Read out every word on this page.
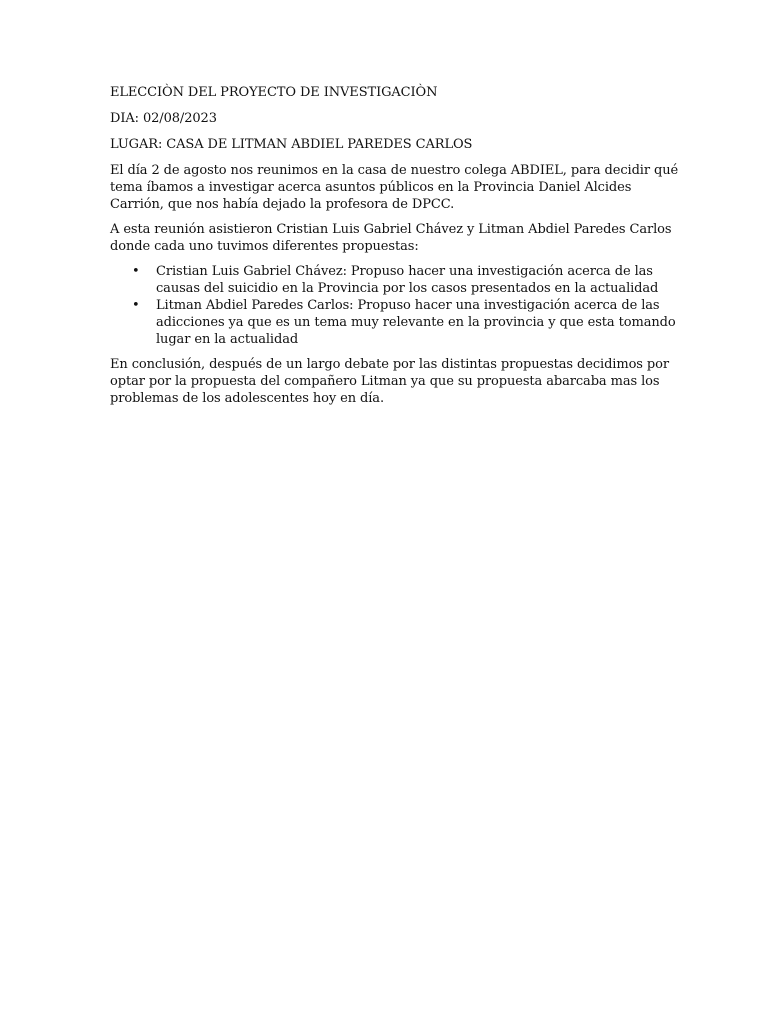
ELECCIÒN DEL PROYECTO DE INVESTIGACIÒN
DIA: 02/08/2023
LUGAR: CASA DE LITMAN ABDIEL PAREDES CARLOS
El día 2 de agosto nos reunimos en la casa de nuestro colega ABDIEL, para decidir qué
tema íbamos a investigar acerca asuntos públicos en la Provincia Daniel Alcides
Carrión, que nos había dejado la profesora de DPCC.
A esta reunión asistieron Cristian Luis Gabriel Chávez y Litman Abdiel Paredes Carlos
donde cada uno tuvimos diferentes propuestas:
• Cristian Luis Gabriel Chávez: Propuso hacer una investigación acerca de las
causas del suicidio en la Provincia por los casos presentados en la actualidad
• Litman Abdiel Paredes Carlos: Propuso hacer una investigación acerca de las
adicciones ya que es un tema muy relevante en la provincia y que esta tomando
lugar en la actualidad
En conclusión, después de un largo debate por las distintas propuestas decidimos por
optar por la propuesta del compañero Litman ya que su propuesta abarcaba mas los
problemas de los adolescentes hoy en día.
